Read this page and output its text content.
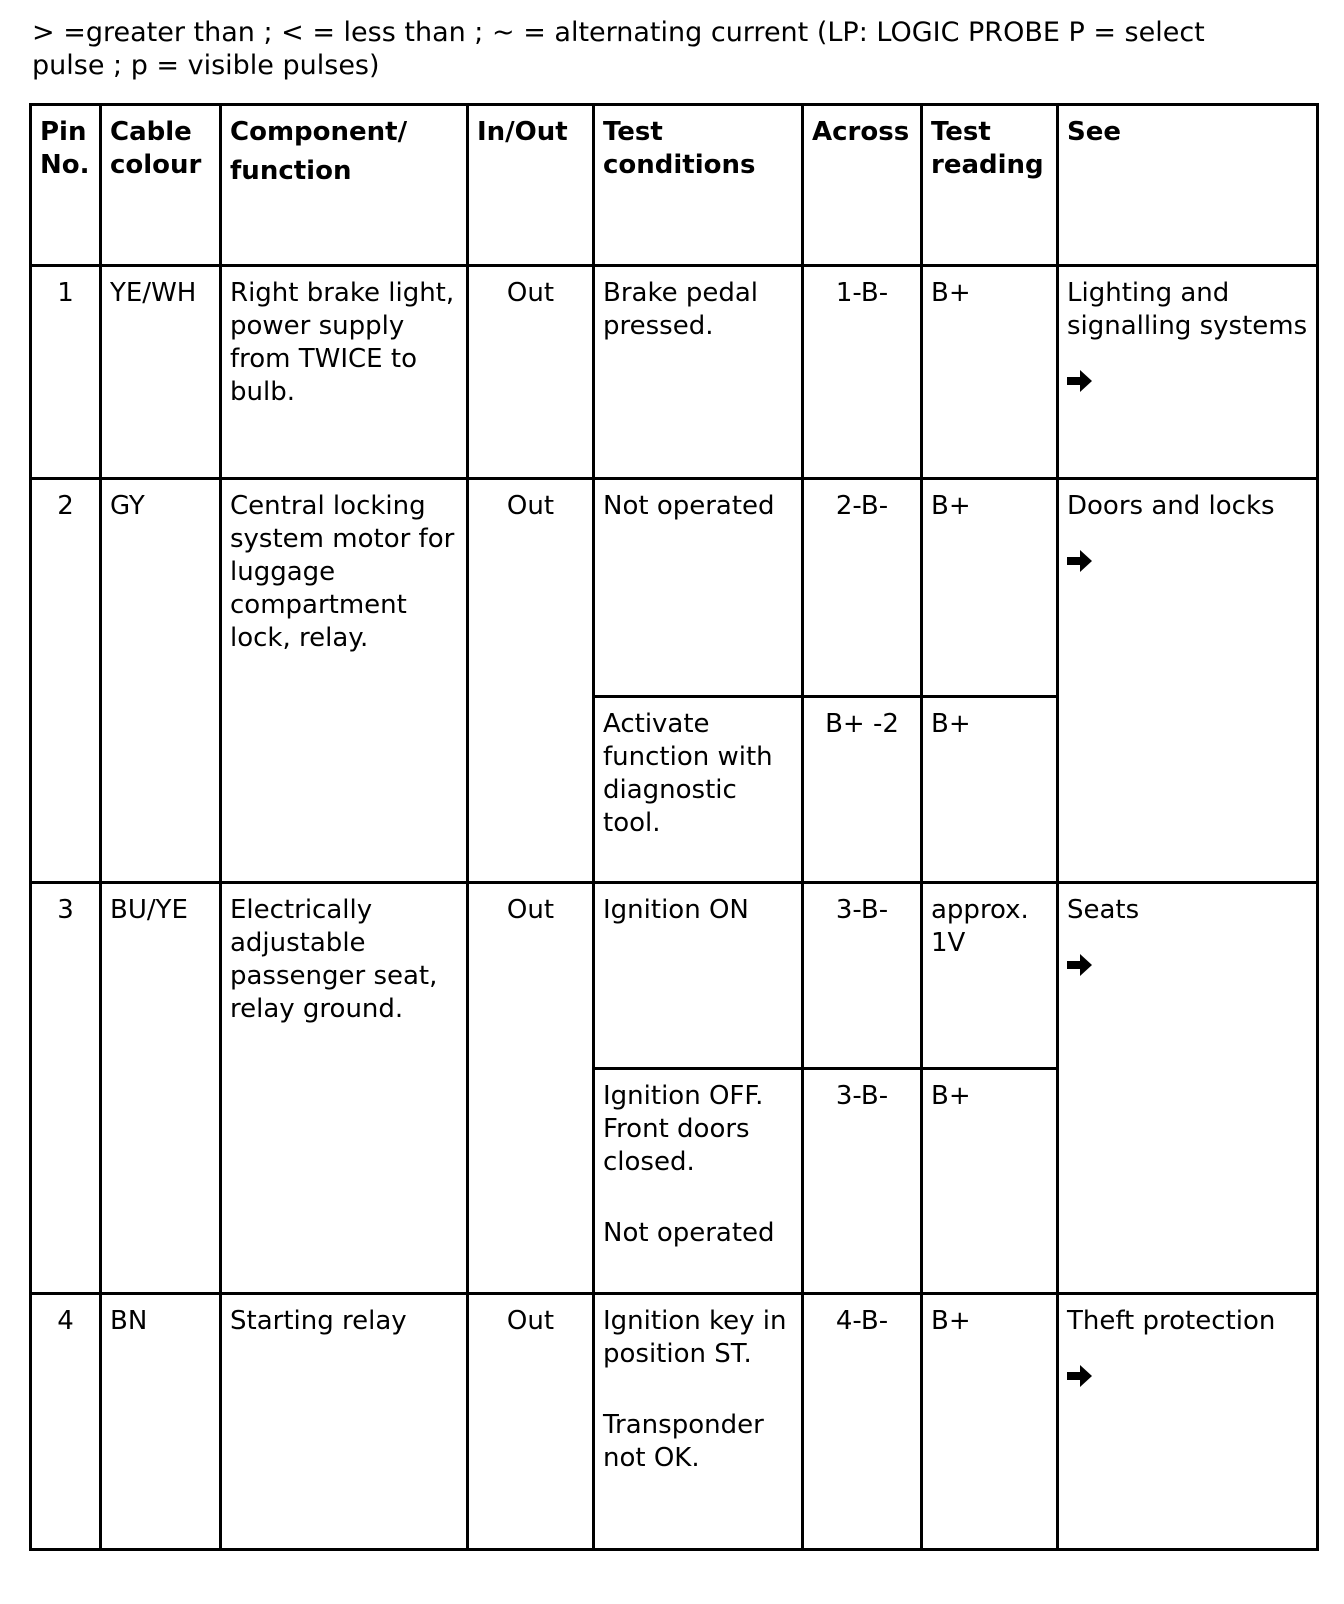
> =greater than ; < = less than ; ~ = alternating current (LP: LOGIC PROBE P = select
pulse ; p = visible pulses)

Pin No.	Cable colour	Component/
function	In/Out	Test conditions	Across	Test reading	See
1	YE/WH	Right brake light, power supply from TWICE to bulb.	Out	Brake pedal pressed.	1-B-	B+	Lighting and signalling systems

2	GY	Central locking system motor for luggage compartment lock, relay.	Out	Not operated	2-B-	B+	Doors and locks

				Activate function with diagnostic tool.	B+ -2	B+	
3	BU/YE	Electrically adjustable passenger seat, relay ground.	Out	Ignition ON	3-B-	approx. 1V	Seats

				Ignition OFF. Front doors closed.
Not operated	3-B-	B+	
4	BN	Starting relay	Out	Ignition key in position ST.
Transponder not OK.	4-B-	B+	Theft protection
